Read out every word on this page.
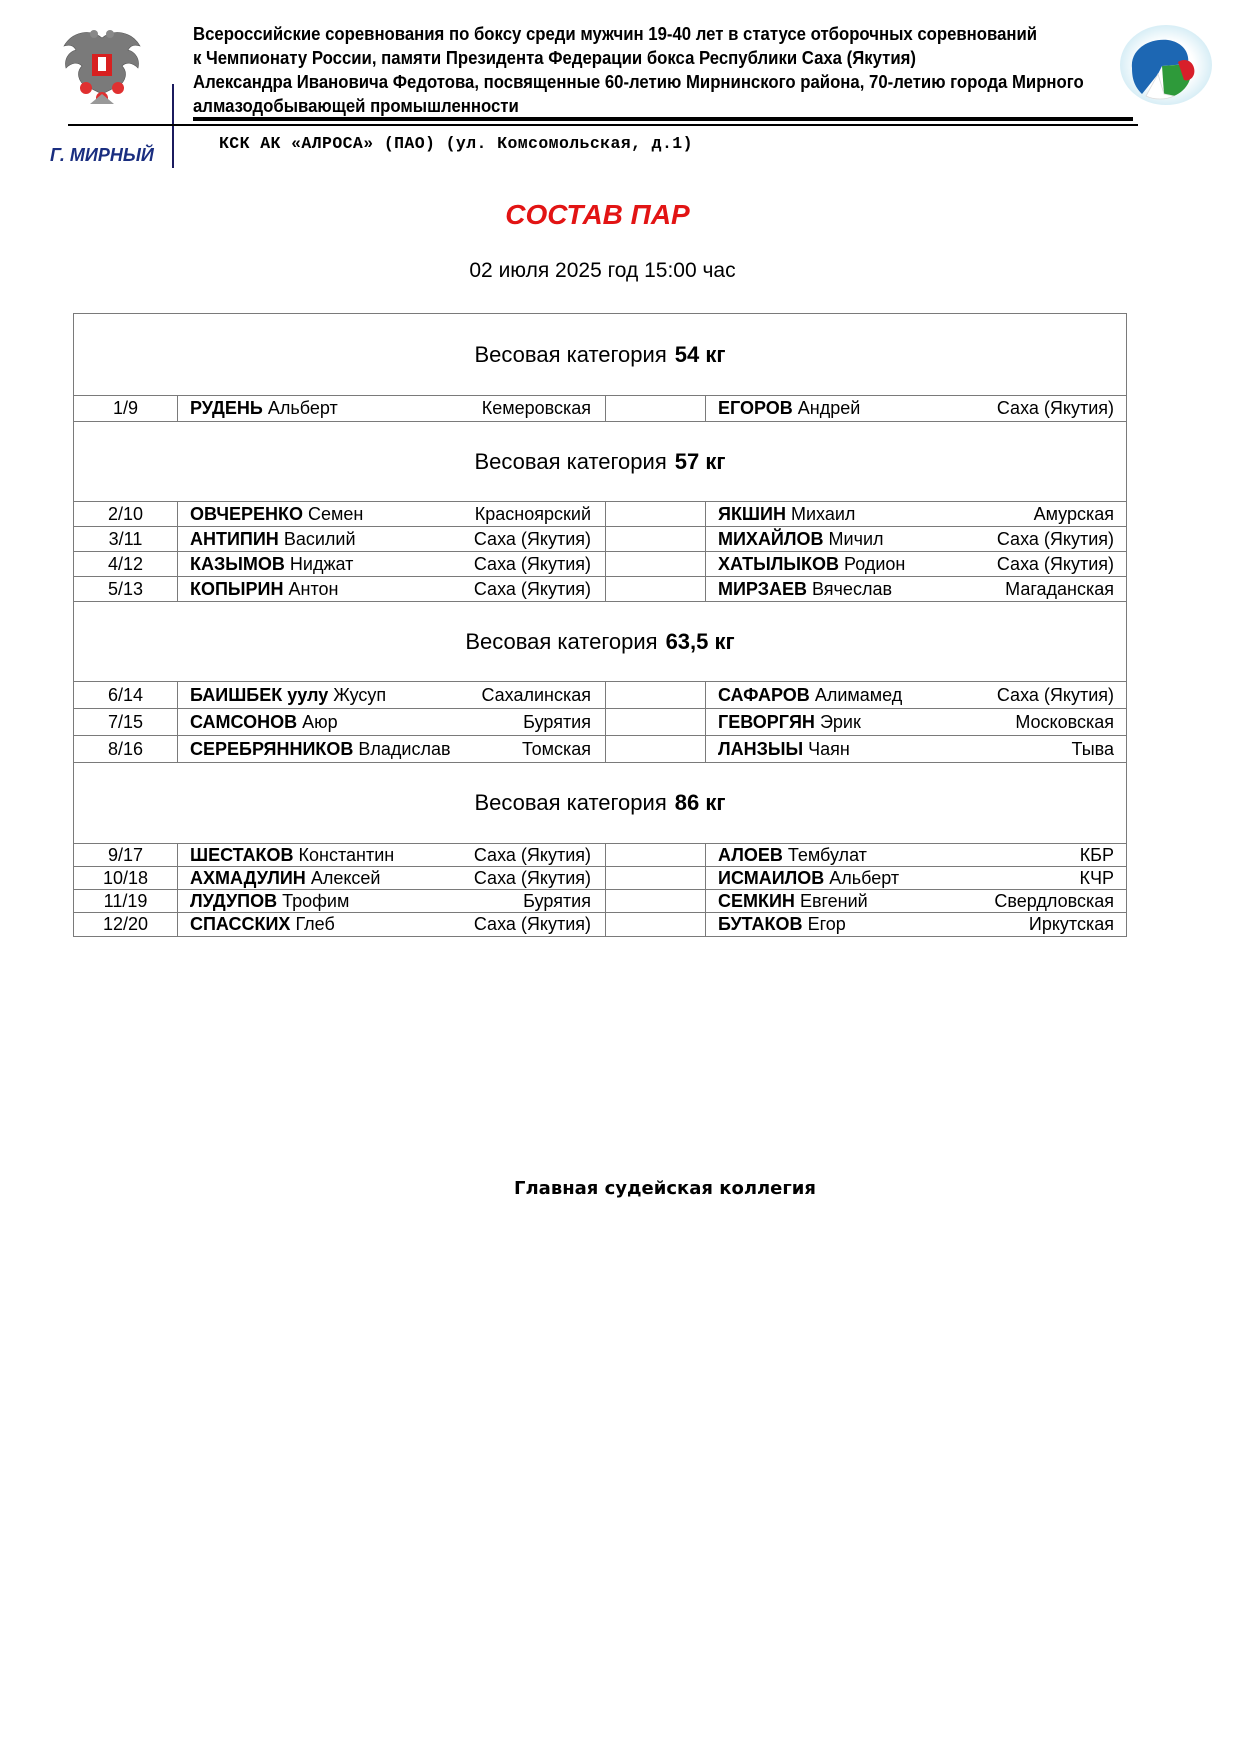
Всероссийские соревнования по боксу среди мужчин 19-40 лет в статусе отборочных соревнований
к Чемпионату России, памяти Президента Федерации бокса Республики Саха (Якутия)
Александра Ивановича Федотова, посвященные 60-летию Мирнинского района, 70-летию города Мирного
алмазодобывающей промышленности
Г. МИРНЫЙ
КСК АК «АЛРОСА» (ПАО) (ул. Комсомольская, д.1)
СОСТАВ ПАР
02 июля 2025 год 15:00 час
Весовая категория 54 кг
1/9	РУДЕНЬ Альберт	Кемеровская	ЕГОРОВ Андрей	Саха (Якутия)
Весовая категория 57 кг
2/10	ОВЧЕРЕНКО Семен	Красноярский	ЯКШИН Михаил	Амурская
3/11	АНТИПИН Василий	Саха (Якутия)	МИХАЙЛОВ Мичил	Саха (Якутия)
4/12	КАЗЫМОВ Ниджат	Саха (Якутия)	ХАТЫЛЫКОВ Родион	Саха (Якутия)
5/13	КОПЫРИН Антон	Саха (Якутия)	МИРЗАЕВ Вячеслав	Магаданская
Весовая категория 63,5 кг
6/14	БАИШБЕК уулу Жусуп	Сахалинская	САФАРОВ Алимамед	Саха (Якутия)
7/15	САМСОНОВ Аюр	Бурятия	ГЕВОРГЯН Эрик	Московская
8/16	СЕРЕБРЯННИКОВ Владислав	Томская	ЛАНЗЫЫ Чаян	Тыва
Весовая категория 86 кг
9/17	ШЕСТАКОВ Константин	Саха (Якутия)	АЛОЕВ Тембулат	КБР
10/18	АХМАДУЛИН Алексей	Саха (Якутия)	ИСМАИЛОВ Альберт	КЧР
11/19	ЛУДУПОВ Трофим	Бурятия	СЕМКИН Евгений	Свердловская
12/20	СПАССКИХ Глеб	Саха (Якутия)	БУТАКОВ Егор	Иркутская
Главная судейская коллегия
